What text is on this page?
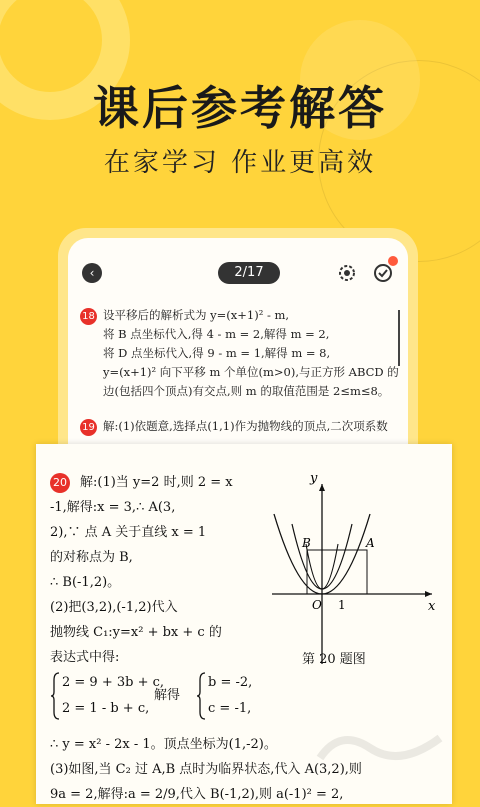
课后参考解答
在家学习 作业更高效
‹	2/17
18 设平移后的解析式为 y=(x+1)² - m,
将 B 点坐标代入,得 4 - m = 2,解得 m = 2,
将 D 点坐标代入,得 9 - m = 1,解得 m = 8,
y=(x+1)² 向下平移 m 个单位(m>0),与正方形 ABCD 的
边(包括四个顶点)有交点,则 m 的取值范围是 2≤m≤8。
19 解:(1)依题意,选择点(1,1)作为抛物线的顶点,二次项系数
20 解:(1)当 y=2 时,则 2 = x
-1,解得:x = 3,∴ A(3,
2),∵ 点 A 关于直线 x = 1
的对称点为 B,
∴ B(-1,2)。
(2)把(3,2),(-1,2)代入
抛物线 C₁:y=x² + bx + c 的
表达式中得:
2 = 9 + 3b + c,
2 = 1 - b + c,
解得
b = -2,
c = -1,
y
x
B	A
O 1
第 20 题图
∴ y = x² - 2x - 1。顶点坐标为(1,-2)。
(3)如图,当 C₂ 过 A,B 点时为临界状态,代入 A(3,2),则
9a = 2,解得:a = 2/9,代入 B(-1,2),则 a(-1)² = 2,
